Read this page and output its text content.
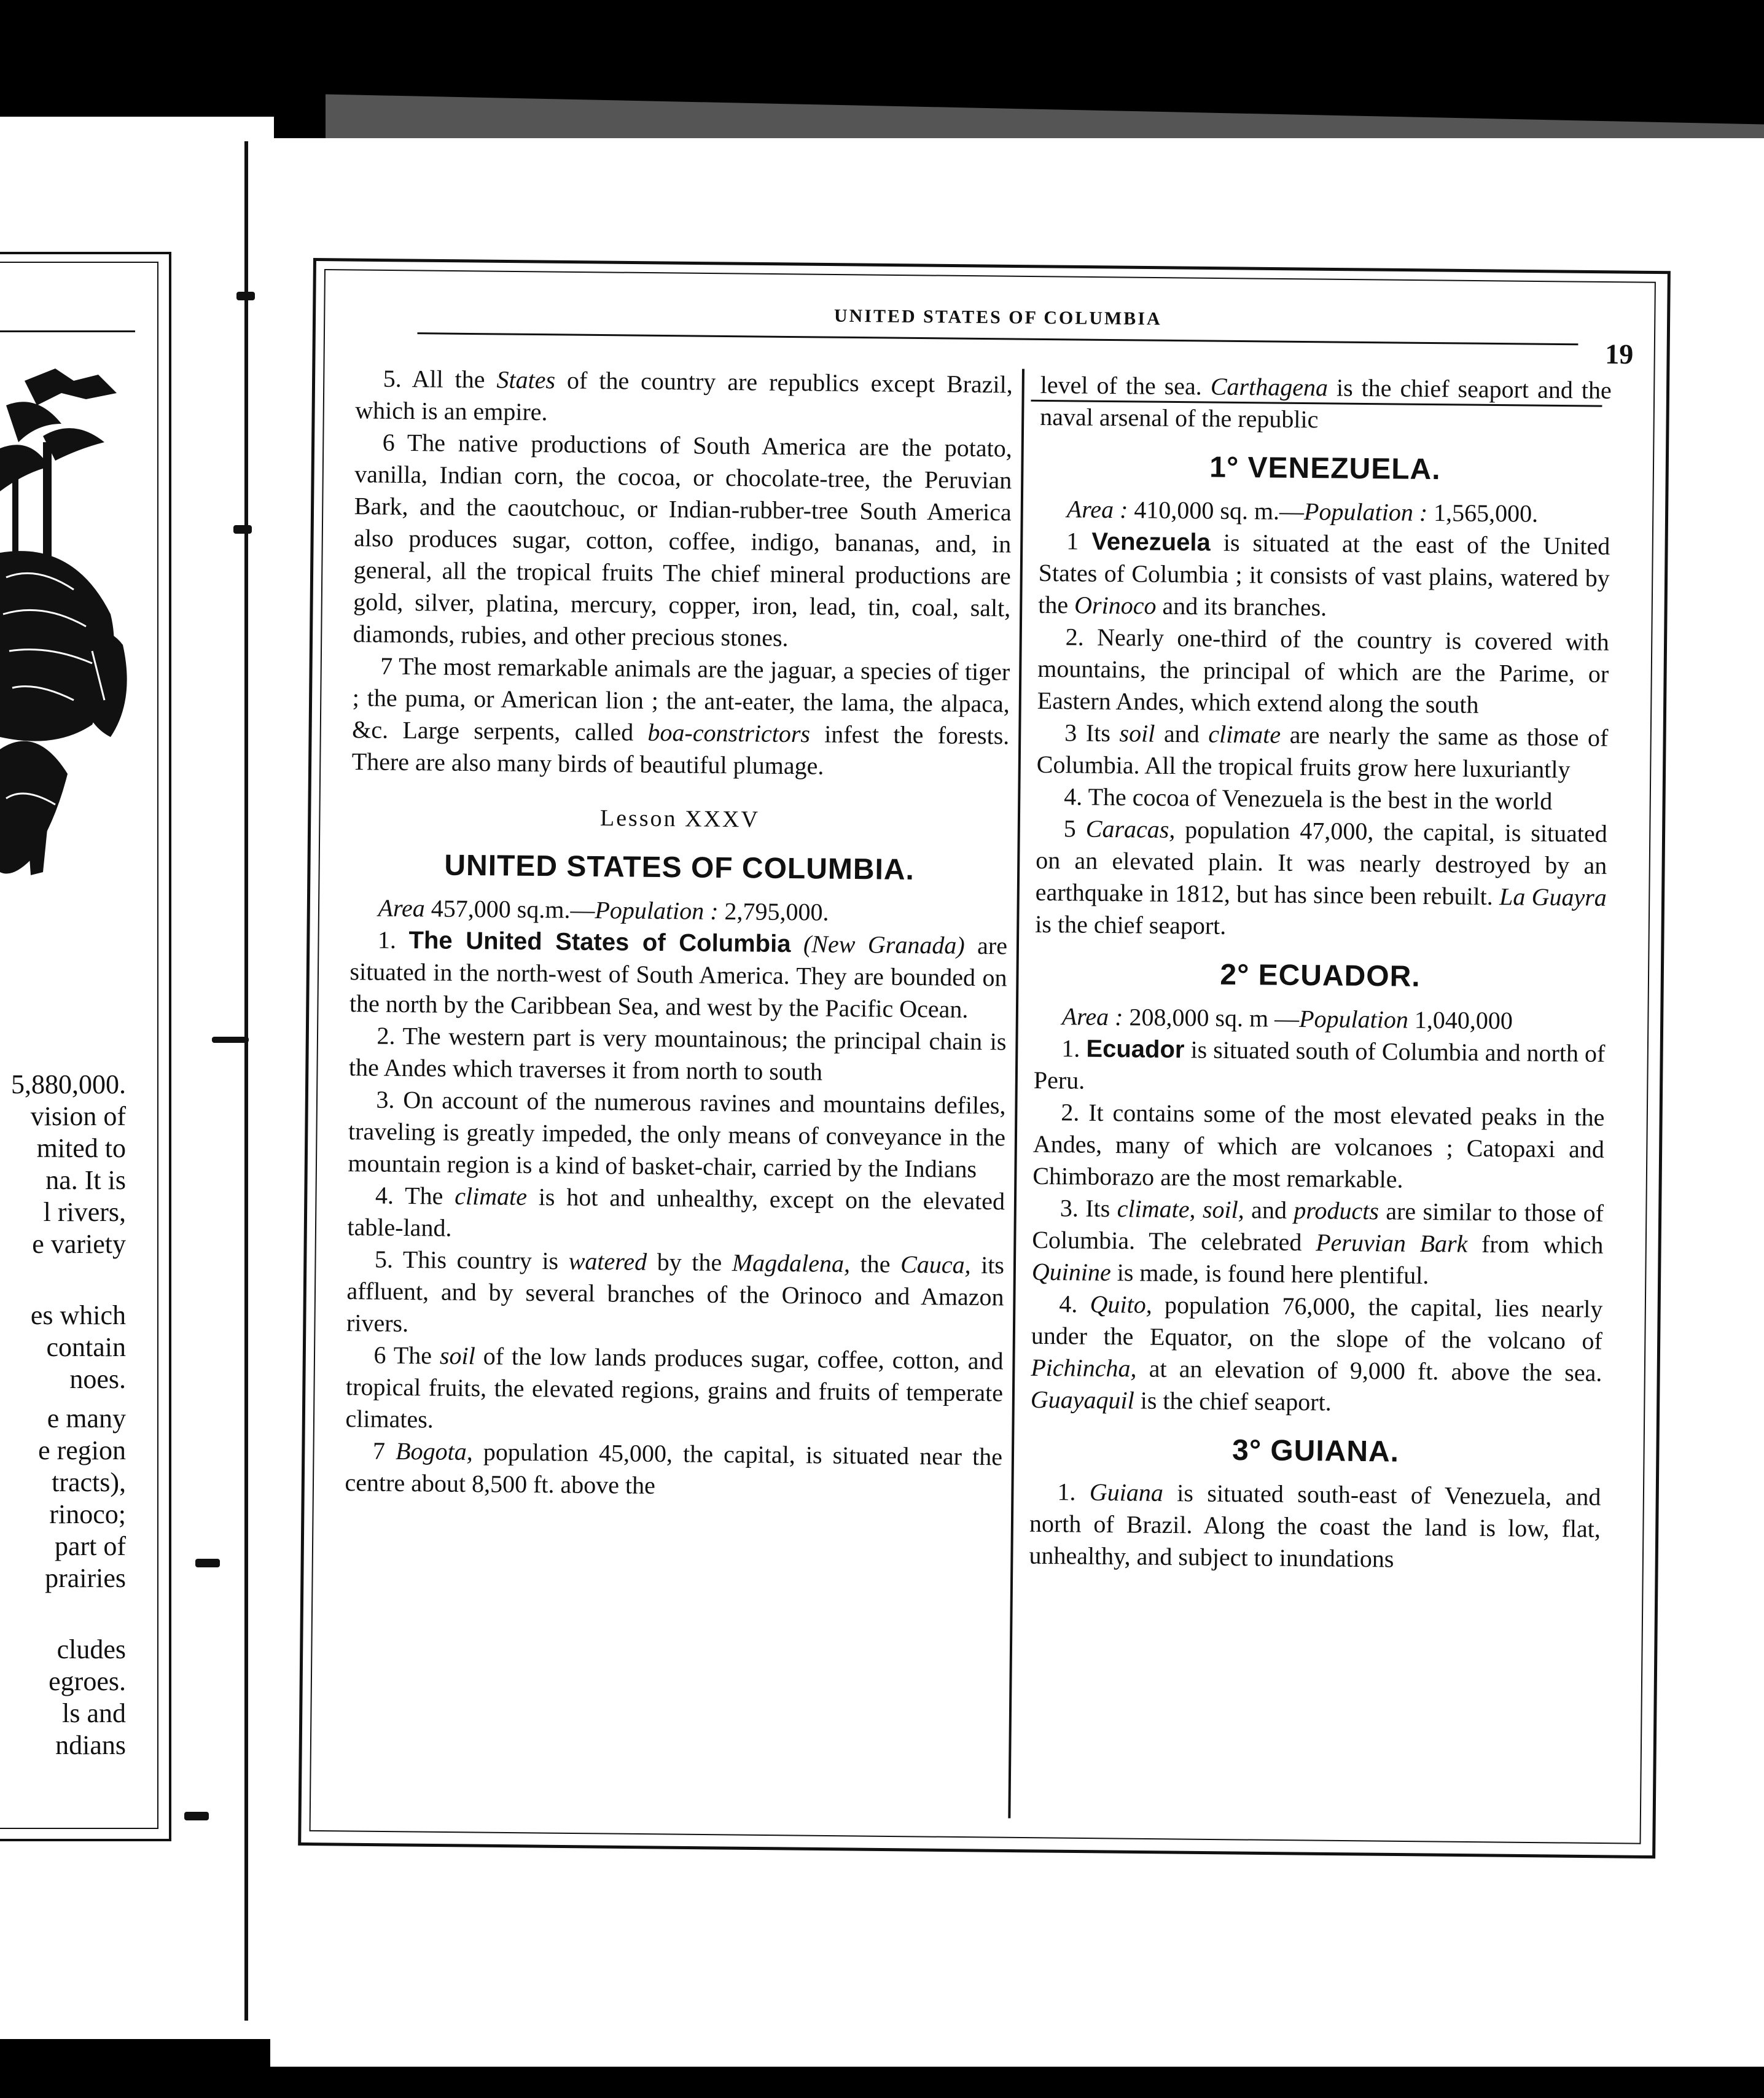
5,880,000.
vision of
mited to
na. It is
l rivers,
e variety
es which
contain
noes.
e many
e region
tracts),
rinoco;
part of
prairies
cludes
egroes.
ls and
ndians
UNITED STATES OF COLUMBIA
19

5. All the States of the country are republics except Brazil, which is an empire.

6 The native productions of South America are the potato, vanilla, Indian corn, the cocoa, or chocolate-tree, the Peruvian Bark, and the caoutchouc, or Indian-rubber-tree South America also produces sugar, cotton, coffee, indigo, bananas, and, in general, all the tropical fruits The chief mineral productions are gold, silver, platina, mercury, copper, iron, lead, tin, coal, salt, diamonds, rubies, and other precious stones.

7 The most remarkable animals are the jaguar, a species of tiger ; the puma, or American lion ; the ant-eater, the lama, the alpaca, &c. Large serpents, called boa-constrictors infest the forests. There are also many birds of beautiful plumage.

Lesson XXXV

UNITED STATES OF COLUMBIA.

Area 457,000 sq.m.—Population : 2,795,000.

1. The United States of Columbia (New Granada) are situated in the north-west of South America. They are bounded on the north by the Caribbean Sea, and west by the Pacific Ocean.

2. The western part is very mountainous; the principal chain is the Andes which traverses it from north to south

3. On account of the numerous ravines and mountains defiles, traveling is greatly impeded, the only means of conveyance in the mountain region is a kind of basket-chair, carried by the Indians

4. The climate is hot and unhealthy, except on the elevated table-land.

5. This country is watered by the Magdalena, the Cauca, its affluent, and by several branches of the Orinoco and Amazon rivers.

6 The soil of the low lands produces sugar, coffee, cotton, and tropical fruits, the elevated regions, grains and fruits of temperate climates.

7 Bogota, population 45,000, the capital, is situated near the centre about 8,500 ft. above the

level of the sea. Carthagena is the chief seaport and the naval arsenal of the republic

1° VENEZUELA.

Area : 410,000 sq. m.—Population : 1,565,000.

1 Venezuela is situated at the east of the United States of Columbia ; it consists of vast plains, watered by the Orinoco and its branches.

2. Nearly one-third of the country is covered with mountains, the principal of which are the Parime, or Eastern Andes, which extend along the south

3 Its soil and climate are nearly the same as those of Columbia. All the tropical fruits grow here luxuriantly

4. The cocoa of Venezuela is the best in the world

5 Caracas, population 47,000, the capital, is situated on an elevated plain. It was nearly destroyed by an earthquake in 1812, but has since been rebuilt. La Guayra is the chief seaport.

2° ECUADOR.

Area : 208,000 sq. m —Population 1,040,000

1. Ecuador is situated south of Columbia and north of Peru.

2. It contains some of the most elevated peaks in the Andes, many of which are volcanoes ; Catopaxi and Chimborazo are the most remarkable.

3. Its climate, soil, and products are similar to those of Columbia. The celebrated Peruvian Bark from which Quinine is made, is found here plentiful.

4. Quito, population 76,000, the capital, lies nearly under the Equator, on the slope of the volcano of Pichincha, at an elevation of 9,000 ft. above the sea. Guayaquil is the chief seaport.

3° GUIANA.

1. Guiana is situated south-east of Venezuela, and north of Brazil. Along the coast the land is low, flat, unhealthy, and subject to inundations
